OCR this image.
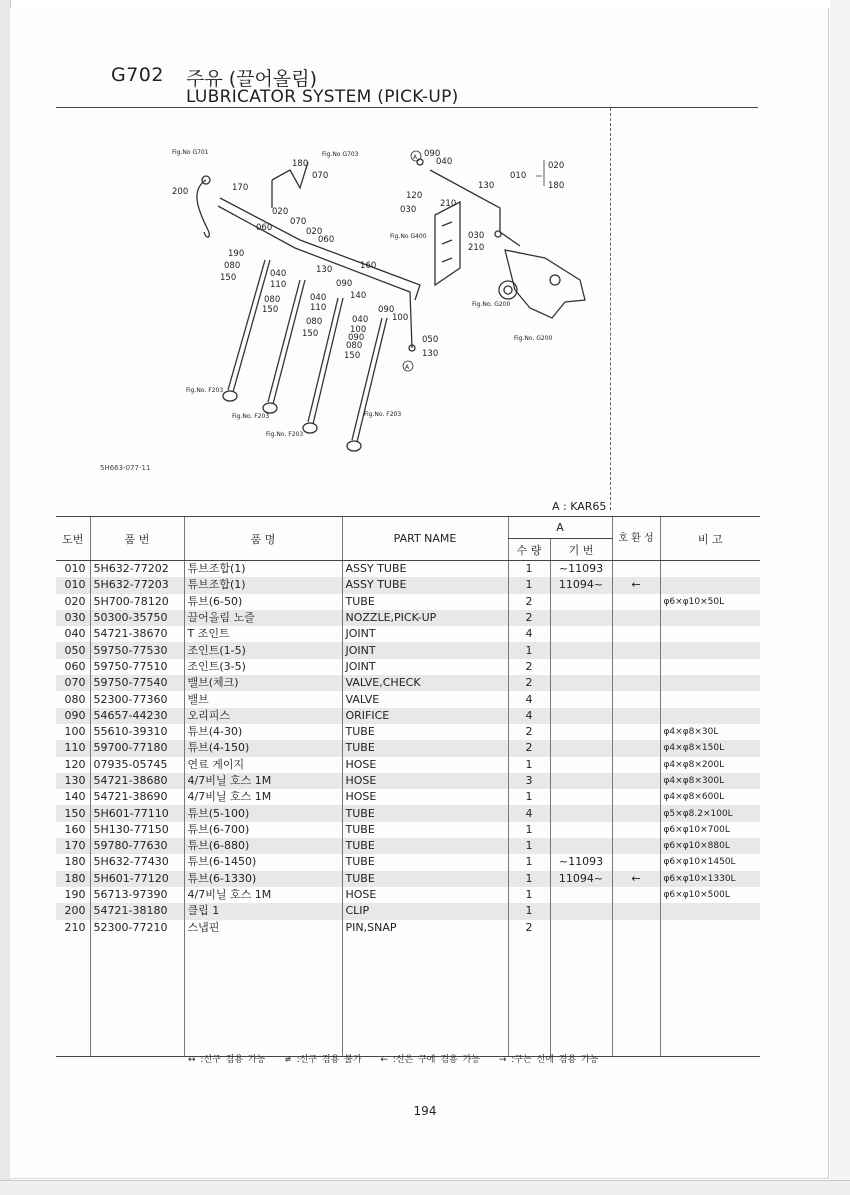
G702 주유 (끌어올림)
LUBRICATOR SYSTEM (PICK-UP)
180
070
170
200
020
060
070
020
060
190
080
150	040
110
130	160
080
150
090
140
040
110	090
100
080
150
040
100
090
080
150
050
130
090
040
130
120
210
030
030
210
010
020
180
A
A
Fig.No G701	Fig.No G703
Fig.No G400
Fig.No. G200
Fig.No. G200
Fig.No. F203
Fig.No. F203
Fig.No. F203
Fig.No. F203
5H663-077-11
A : KAR65
도번	품 번	품 명	PART NAME	A		호 환 성	비 고
				수 량	기 번		
010	5H632-77202	튜브조합(1)	ASSY TUBE	1	~11093		
010	5H632-77203	튜브조합(1)	ASSY TUBE	1	11094~	←	
020	5H700-78120	튜브(6-50)	TUBE	2			φ6×φ10×50L
030	50300-35750	끌어올림 노즐	NOZZLE,PICK-UP	2			
040	54721-38670	T 조인트	JOINT	4			
050	59750-77530	조인트(1-5)	JOINT	1			
060	59750-77510	조인트(3-5)	JOINT	2			
070	59750-77540	밸브(체크)	VALVE,CHECK	2			
080	52300-77360	밸브	VALVE	4			
090	54657-44230	오리피스	ORIFICE	4			
100	55610-39310	튜브(4-30)	TUBE	2			φ4×φ8×30L
110	59700-77180	튜브(4-150)	TUBE	2			φ4×φ8×150L
120	07935-05745	연료 게이지	HOSE	1			φ4×φ8×200L
130	54721-38680	4/7비닐 호스 1M	HOSE	3			φ4×φ8×300L
140	54721-38690	4/7비닐 호스 1M	HOSE	1			φ4×φ8×600L
150	5H601-77110	튜브(5-100)	TUBE	4			φ5×φ8.2×100L
160	5H130-77150	튜브(6-700)	TUBE	1			φ6×φ10×700L
170	59780-77630	튜브(6-880)	TUBE	1			φ6×φ10×880L
180	5H632-77430	튜브(6-1450)	TUBE	1	~11093		φ6×φ10×1450L
180	5H601-77120	튜브(6-1330)	TUBE	1	11094~	←	φ6×φ10×1330L
190	56713-97390	4/7비닐 호스 1M	HOSE	1			φ6×φ10×500L
200	54721-38180	클립 1	CLIP	1			
210	52300-77210	스냅핀	PIN,SNAP	2			

↔ :신구 겸용 가능 ≠ :신구 겸용 불가 ← :신은 구에 겸용 가능 → :구는 신에 겸용 가능
194
